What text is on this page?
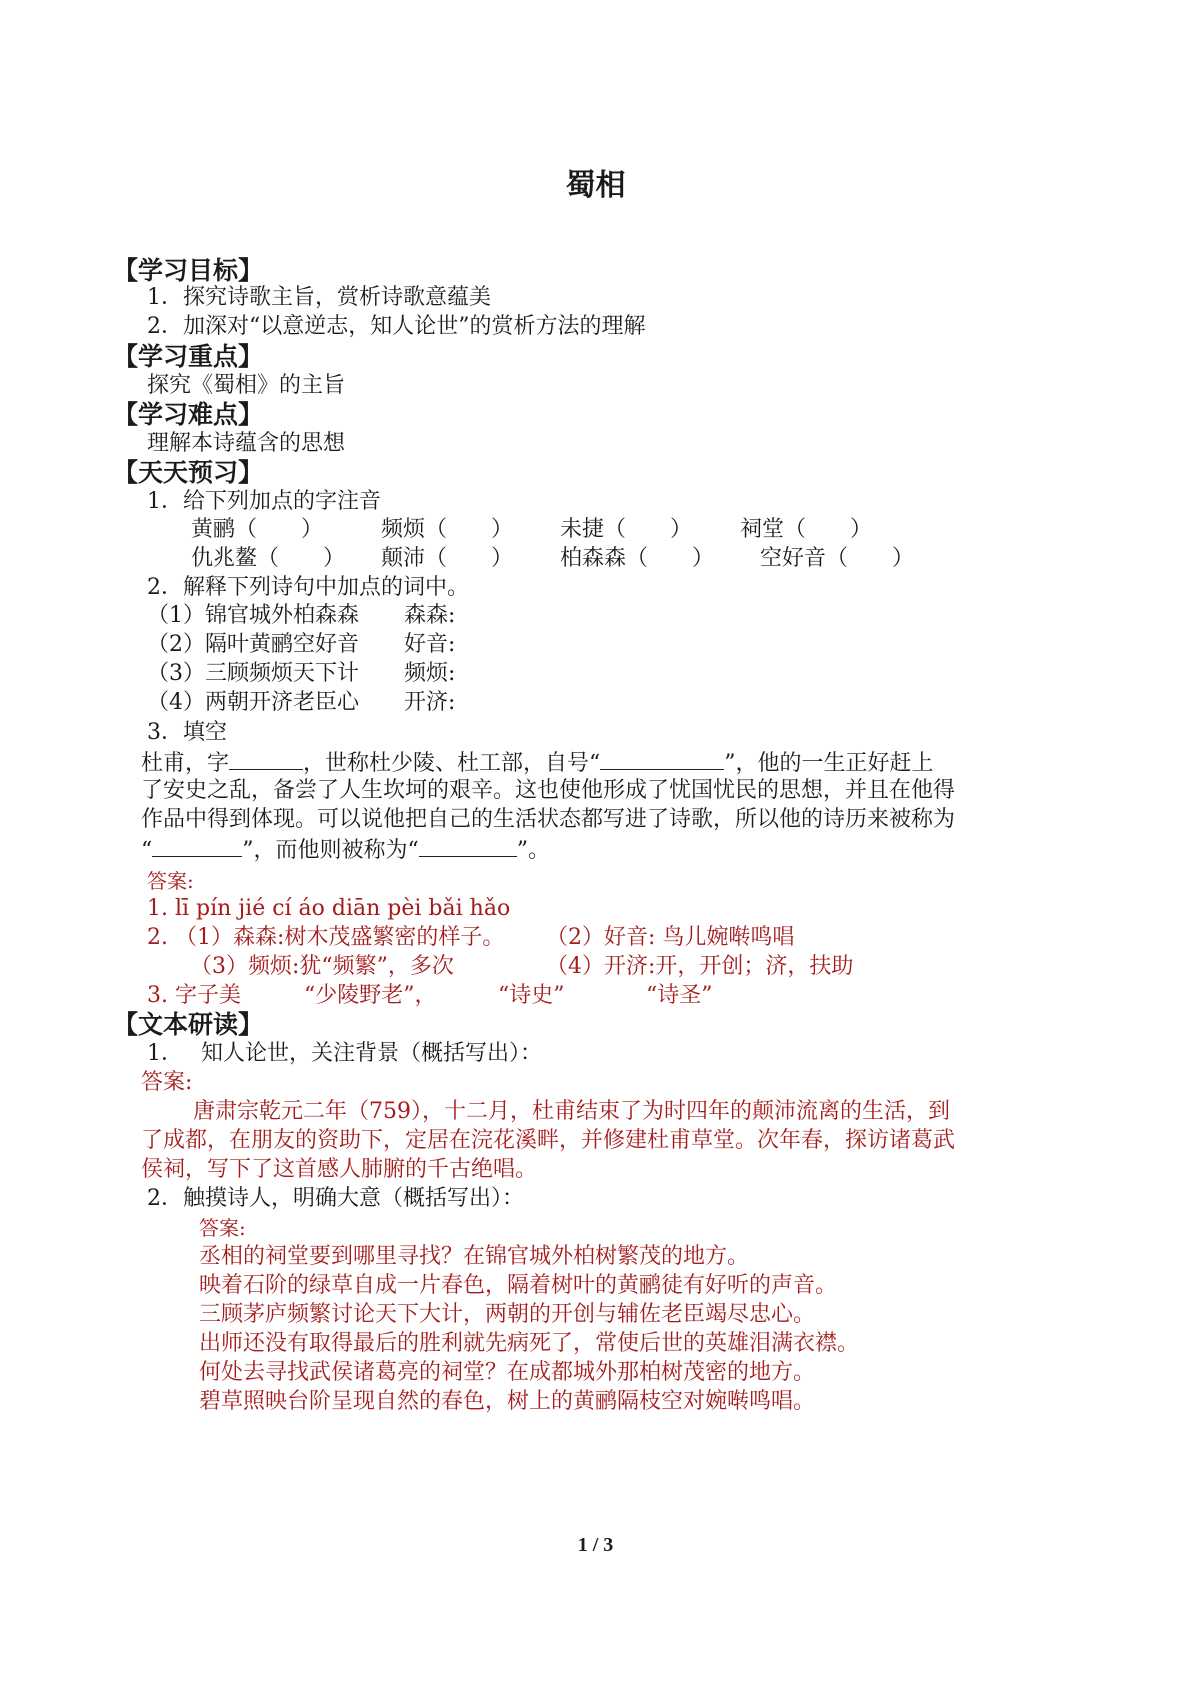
蜀相
【学习目标】
1．探究诗歌主旨，赏析诗歌意蕴美
2．加深对“以意逆志，知人论世”的赏析方法的理解
【学习重点】
探究《蜀相》的主旨
【学习难点】
理解本诗蕴含的思想
【天天预习】
1．给下列加点的字注音
黄鹂（　　）	频烦（　　） 未捷（　　） 祠堂（　　）
仇兆鳌（　　） 颠沛（　　） 柏森森（　　） 空好音（　　）
2．解释下列诗句中加点的词中。
（1）锦官城外柏森森 森森:
（2）隔叶黄鹂空好音 好音:
（3）三顾频烦天下计 频烦:
（4）两朝开济老臣心 开济:
3．填空
杜甫，字	，世称杜少陵、杜工部，自号“	”，他的一生正好赶上
了安史之乱，备尝了人生坎坷的艰辛。这也使他形成了忧国忧民的思想，并且在他得
作品中得到体现。可以说他把自己的生活状态都写进了诗歌，所以他的诗历来被称为
“	”，而他则被称为“	”。
答案:
1. lī pín jié cí áo diān pèi bǎi hǎo
2. （1）森森:树木茂盛繁密的样子。 （2）好音: 鸟儿婉啭鸣唱
（3）频烦:犹“频繁”，多次	（4）开济:开，开创；济，扶助
3. 字子美	“少陵野老”，	“诗史”	“诗圣”
【文本研读】
1．　 知人论世，关注背景（概括写出）：
答案:
唐肃宗乾元二年（759），十二月，杜甫结束了为时四年的颠沛流离的生活，到
了成都，在朋友的资助下，定居在浣花溪畔，并修建杜甫草堂。次年春，探访诸葛武
侯祠，写下了这首感人肺腑的千古绝唱。
2．触摸诗人，明确大意（概括写出）：
答案:
丞相的祠堂要到哪里寻找？在锦官城外柏树繁茂的地方。
映着石阶的绿草自成一片春色，隔着树叶的黄鹂徒有好听的声音。
三顾茅庐频繁讨论天下大计，两朝的开创与辅佐老臣竭尽忠心。
出师还没有取得最后的胜利就先病死了，常使后世的英雄泪满衣襟。
何处去寻找武侯诸葛亮的祠堂？在成都城外那柏树茂密的地方。
碧草照映台阶呈现自然的春色，树上的黄鹂隔枝空对婉啭鸣唱。
1 / 3
